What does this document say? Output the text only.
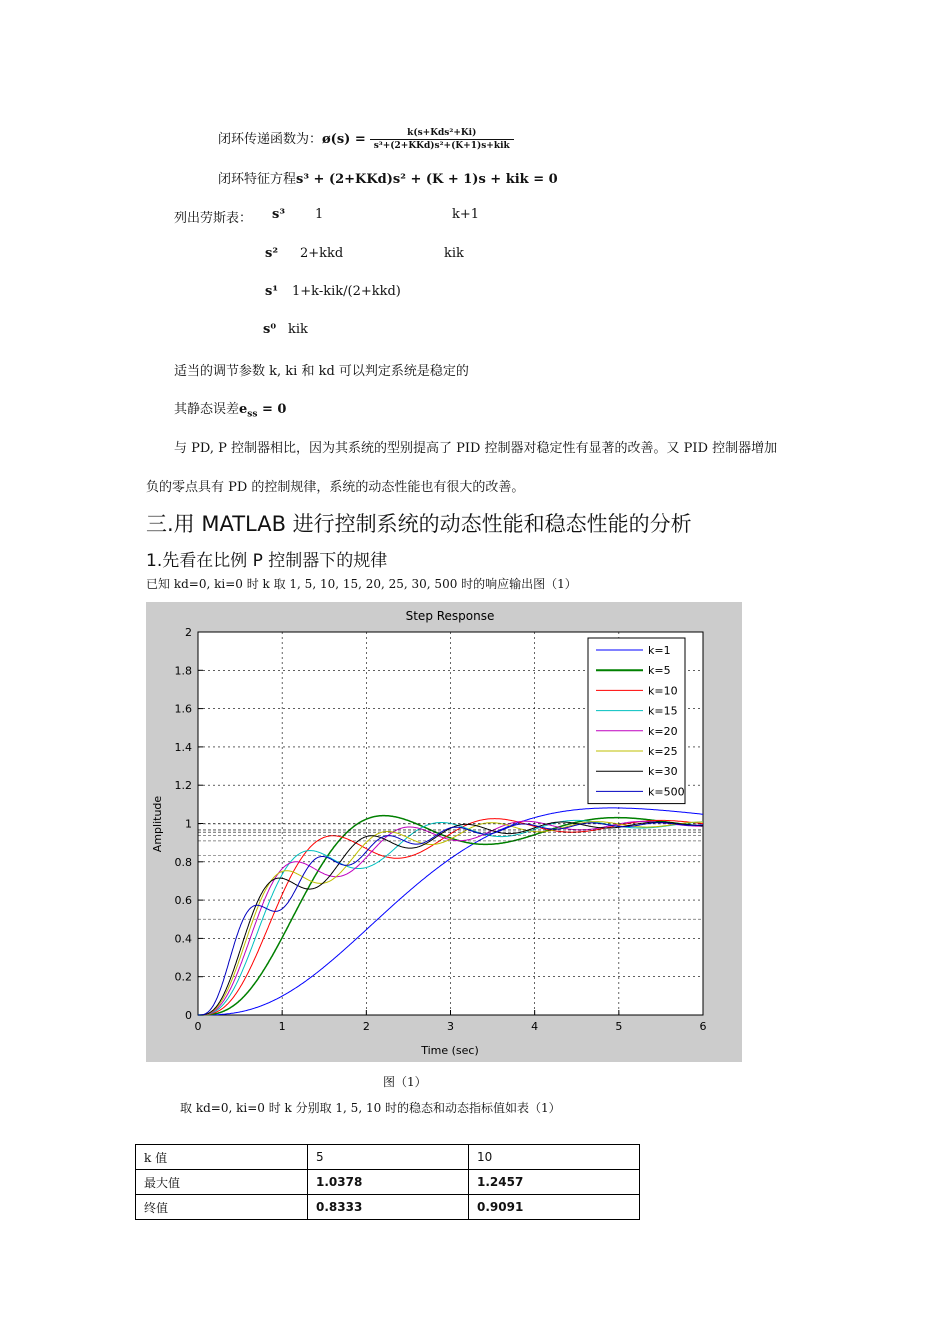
闭环传递函数为：ø(s) = $\frac{\text{k(s+Kds²+Ki)}}{\text{s³+(2+KKd)s²+(K+1)s+kik}}$
闭环特征方程s³ + (2+KKd)s² + (K + 1)s + kik = 0
列出劳斯表： s³ 1	k+1
s² 2+kkd	kik
s¹ 1+k-kik/(2+kkd)
s⁰ kik
适当的调节参数 k, ki 和 kd 可以判定系统是稳定的
其静态误差$e_{ss} = 0$
与 PD, P 控制器相比，因为其系统的型别提高了 PID 控制器对稳定性有显著的改善。又 PID 控制器增加
负的零点具有 PD 的控制规律，系统的动态性能也有很大的改善。
三.用 MATLAB 进行控制系统的动态性能和稳态性能的分析
1.先看在比例 P 控制器下的规律
已知 kd=0, ki=0 时 k 取 1, 5, 10, 15, 20, 25, 30, 500 时的响应输出图（1）
0	1	2	3	4	5	6
0
0.2
0.4
0.6
0.8
1
1.2
1.4
1.6
1.8
2
Step Response
Time (sec)
Amplitude
k=1
k=5
k=10
k=15
k=20
k=25
k=30
k=500
图（1）
取 kd=0, ki=0 时 k 分别取 1, 5, 10 时的稳态和动态指标值如表（1）
k 值	5	10
最大值	1.0378	1.2457
终值	0.8333	0.9091
